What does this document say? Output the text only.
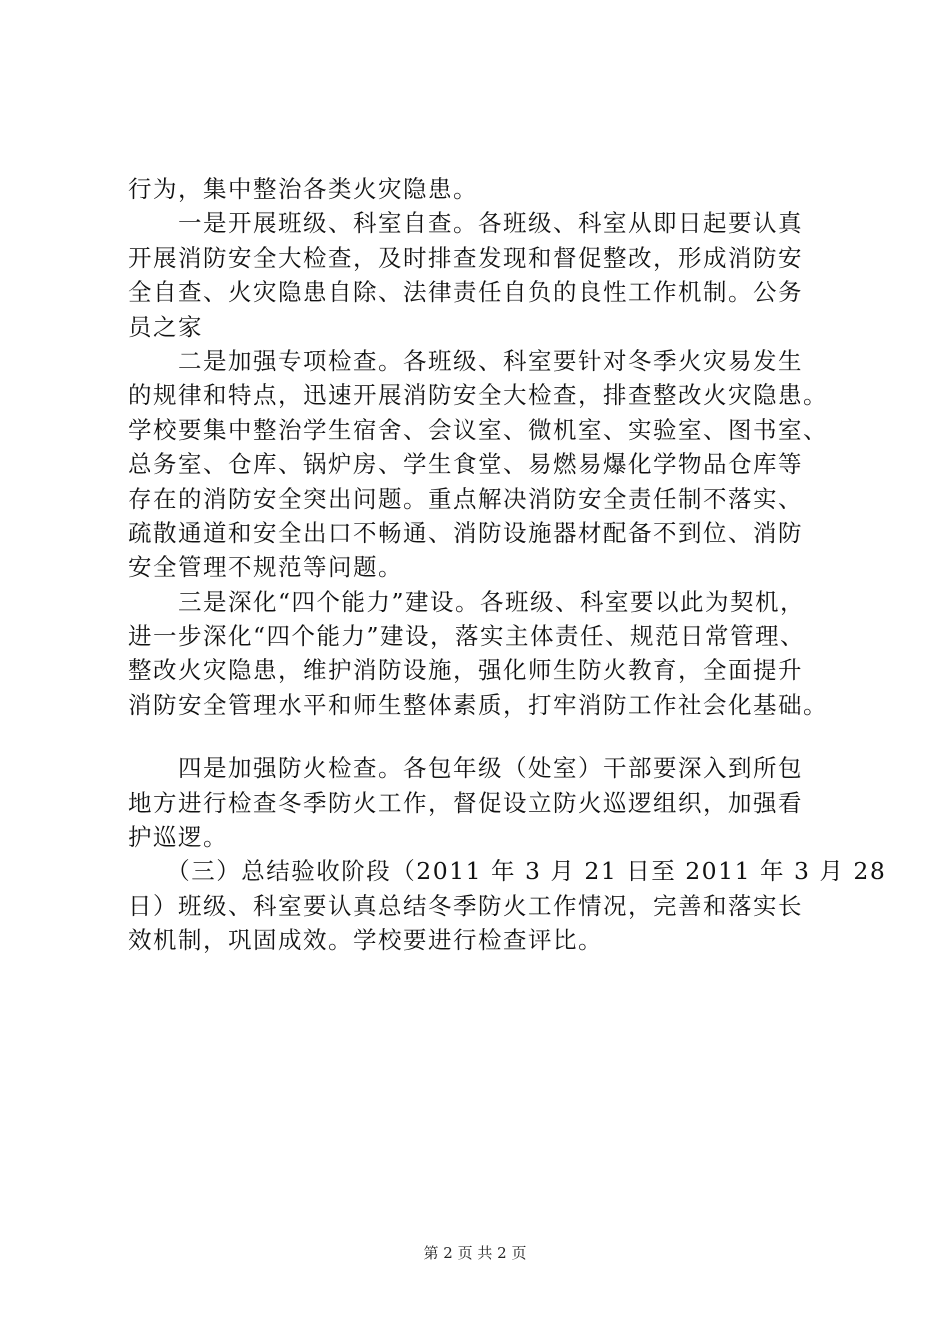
行为，集中整治各类火灾隐患。
　　一是开展班级、科室自查。各班级、科室从即日起要认真
开展消防安全大检查，及时排查发现和督促整改，形成消防安
全自查、火灾隐患自除、法律责任自负的良性工作机制。公务
员之家
　　二是加强专项检查。各班级、科室要针对冬季火灾易发生
的规律和特点，迅速开展消防安全大检查，排查整改火灾隐患。
学校要集中整治学生宿舍、会议室、微机室、实验室、图书室、
总务室、仓库、锅炉房、学生食堂、易燃易爆化学物品仓库等
存在的消防安全突出问题。重点解决消防安全责任制不落实、
疏散通道和安全出口不畅通、消防设施器材配备不到位、消防
安全管理不规范等问题。
　　三是深化“四个能力”建设。各班级、科室要以此为契机，
进一步深化“四个能力”建设，落实主体责任、规范日常管理、
整改火灾隐患，维护消防设施，强化师生防火教育，全面提升
消防安全管理水平和师生整体素质，打牢消防工作社会化基础。
　　四是加强防火检查。各包年级（处室）干部要深入到所包
地方进行检查冬季防火工作，督促设立防火巡逻组织，加强看
护巡逻。
　　（三）总结验收阶段（2011 年 3 月 21 日至 2011 年 3 月 28
日）班级、科室要认真总结冬季防火工作情况，完善和落实长
效机制，巩固成效。学校要进行检查评比。
第 2 页 共 2 页
